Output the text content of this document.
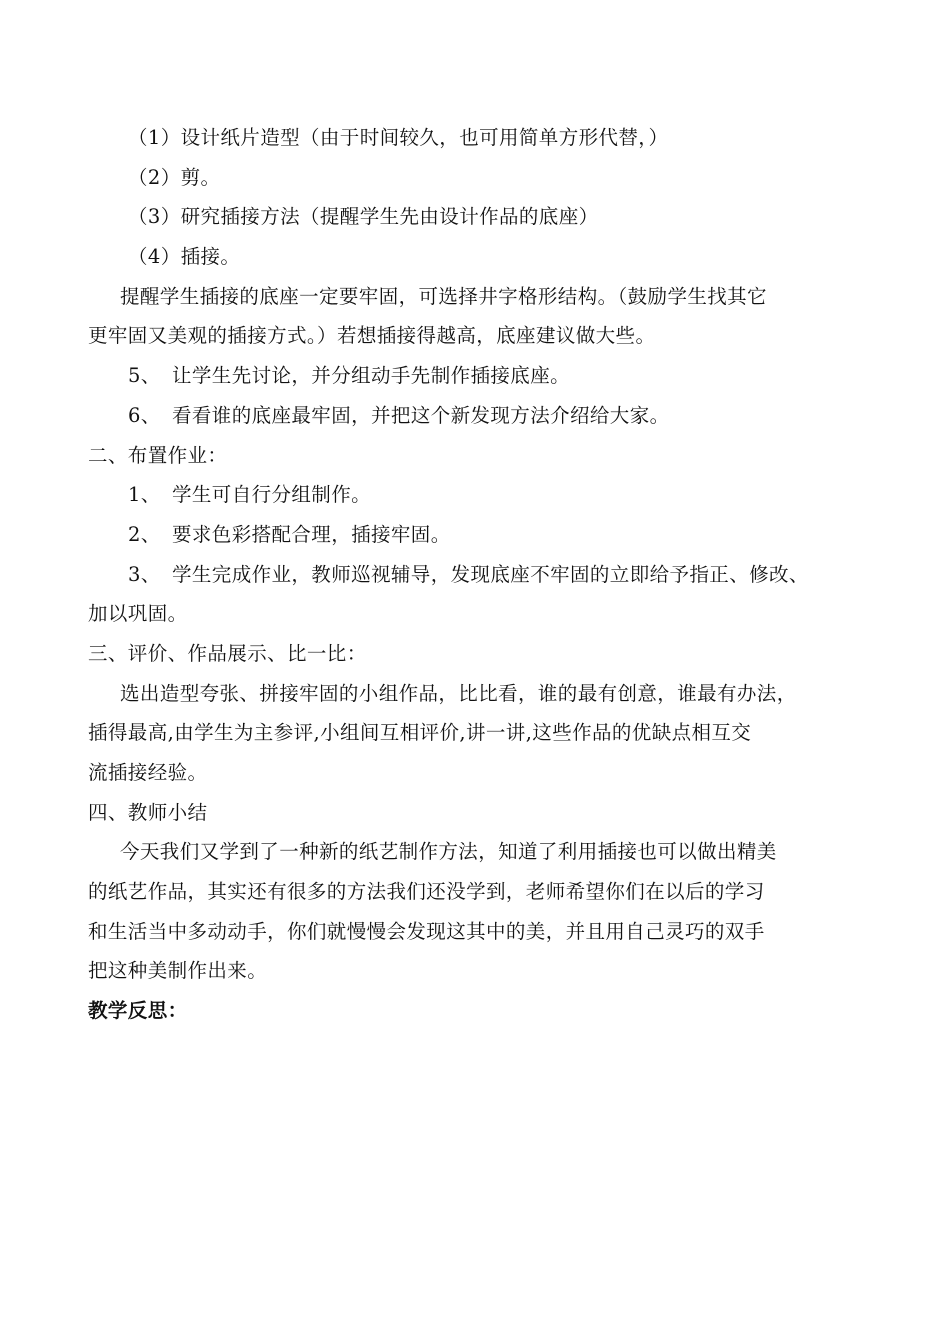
（1）设计纸片造型（由于时间较久，也可用简单方形代替，）
（2）剪。
（3）研究插接方法（提醒学生先由设计作品的底座）
（4）插接。
提醒学生插接的底座一定要牢固，可选择井字格形结构。（鼓励学生找其它
更牢固又美观的插接方式。）若想插接得越高，底座建议做大些。
5、 让学生先讨论，并分组动手先制作插接底座。
6、 看看谁的底座最牢固，并把这个新发现方法介绍给大家。
二、布置作业：
1、 学生可自行分组制作。
2、 要求色彩搭配合理，插接牢固。
3、 学生完成作业，教师巡视辅导，发现底座不牢固的立即给予指正、修改、
加以巩固。
三、评价、作品展示、比一比：
选出造型夸张、拼接牢固的小组作品，比比看，谁的最有创意，谁最有办法，
插得最高,由学生为主参评,小组间互相评价,讲一讲,这些作品的优缺点相互交
流插接经验。
四、教师小结
今天我们又学到了一种新的纸艺制作方法，知道了利用插接也可以做出精美
的纸艺作品，其实还有很多的方法我们还没学到，老师希望你们在以后的学习
和生活当中多动动手，你们就慢慢会发现这其中的美，并且用自己灵巧的双手
把这种美制作出来。
教学反思：
